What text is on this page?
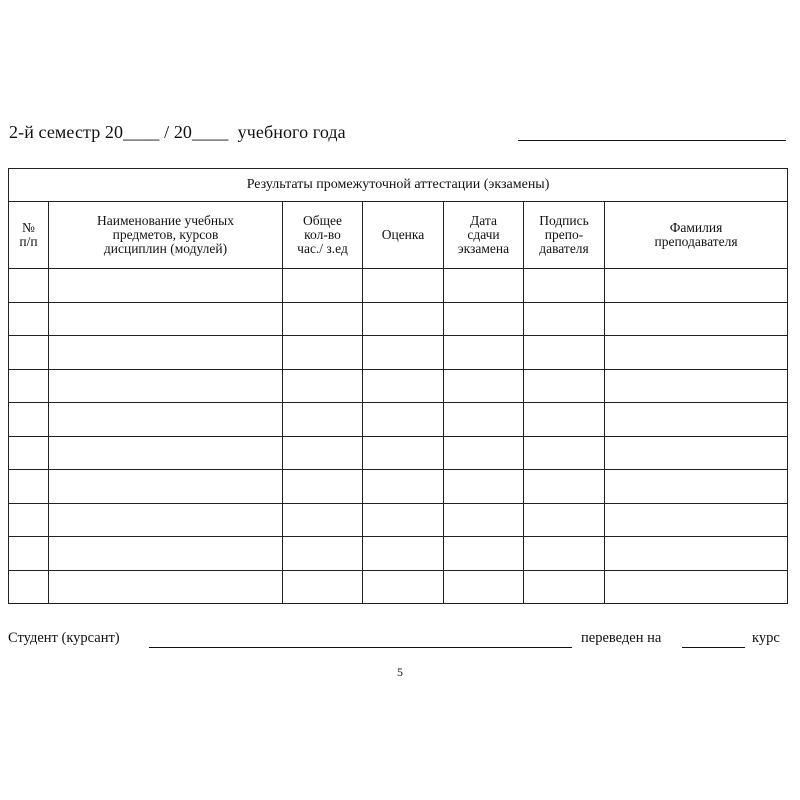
2-й семестр 20____ / 20____  учебного года
Результаты промежуточной аттестации (экзамены)						

№
п/п	Наименование учебных
предметов, курсов
дисциплин (модулей)	Общее
кол-во
час./ з.ед	Оценка	Дата
сдачи
экзамена	Подпись
препо-
давателя	Фамилия
преподавателя

Студент (курсант)	переведен на	курс
5
